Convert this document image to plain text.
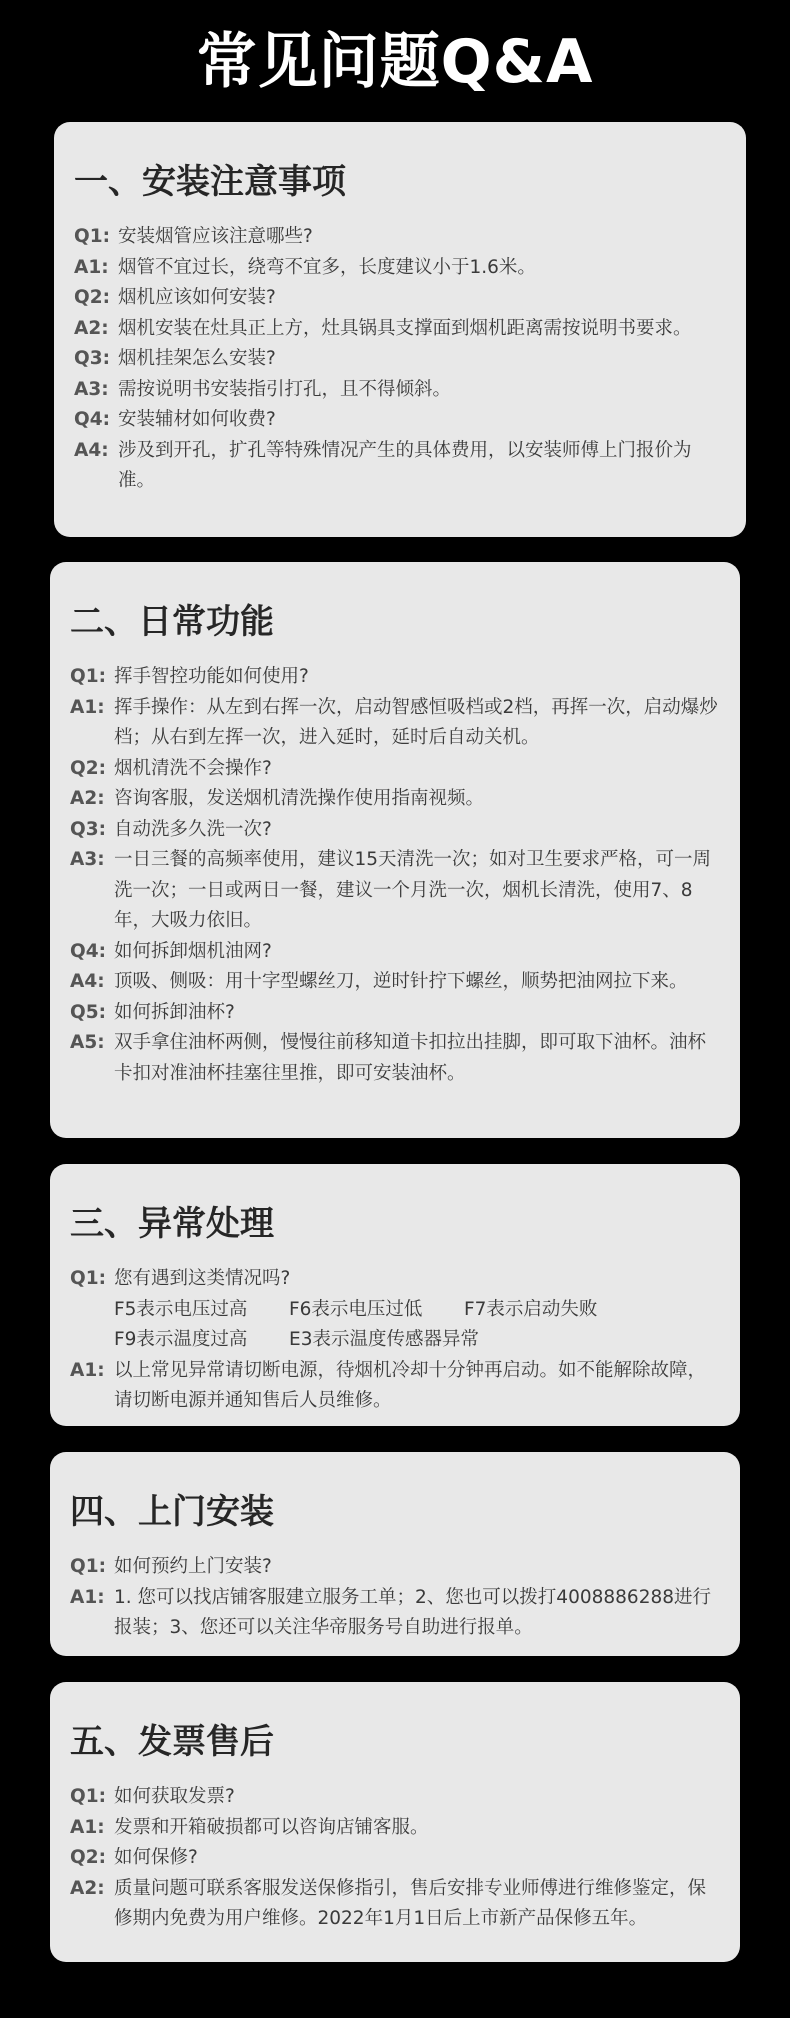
常见问题Q&A
一、安装注意事项
Q1: 安装烟管应该注意哪些?
A1: 烟管不宜过长，绕弯不宜多，长度建议小于1.6米。
Q2: 烟机应该如何安装?
A2: 烟机安装在灶具正上方，灶具锅具支撑面到烟机距离需按说明书要求。
Q3: 烟机挂架怎么安装?
A3: 需按说明书安装指引打孔，且不得倾斜。
Q4: 安装辅材如何收费?
A4: 涉及到开孔，扩孔等特殊情况产生的具体费用，以安装师傅上门报价为准。
二、日常功能
Q1: 挥手智控功能如何使用?
A1: 挥手操作：从左到右挥一次，启动智感恒吸档或2档，再挥一次，启动爆炒档；从右到左挥一次，进入延时，延时后自动关机。
Q2: 烟机清洗不会操作?
A2: 咨询客服，发送烟机清洗操作使用指南视频。
Q3: 自动洗多久洗一次?
A3: 一日三餐的高频率使用，建议15天清洗一次；如对卫生要求严格，可一周洗一次；一日或两日一餐，建议一个月洗一次，烟机长清洗，使用7、8年，大吸力依旧。
Q4: 如何拆卸烟机油网?
A4: 顶吸、侧吸：用十字型螺丝刀，逆时针拧下螺丝，顺势把油网拉下来。
Q5: 如何拆卸油杯?
A5: 双手拿住油杯两侧，慢慢往前移知道卡扣拉出挂脚，即可取下油杯。油杯卡扣对准油杯挂塞往里推，即可安装油杯。
三、异常处理
Q1: 您有遇到这类情况吗?
F5表示电压过高	F6表示电压过低	F7表示启动失败
F9表示温度过高	E3表示温度传感器异常
A1: 以上常见异常请切断电源，待烟机冷却十分钟再启动。如不能解除故障，请切断电源并通知售后人员维修。
四、上门安装
Q1: 如何预约上门安装?
A1: 1. 您可以找店铺客服建立服务工单；2、您也可以拨打4008886288进行报装；3、您还可以关注华帝服务号自助进行报单。
五、发票售后
Q1: 如何获取发票?
A1: 发票和开箱破损都可以咨询店铺客服。
Q2: 如何保修?
A2: 质量问题可联系客服发送保修指引，售后安排专业师傅进行维修鉴定，保修期内免费为用户维修。2022年1月1日后上市新产品保修五年。
